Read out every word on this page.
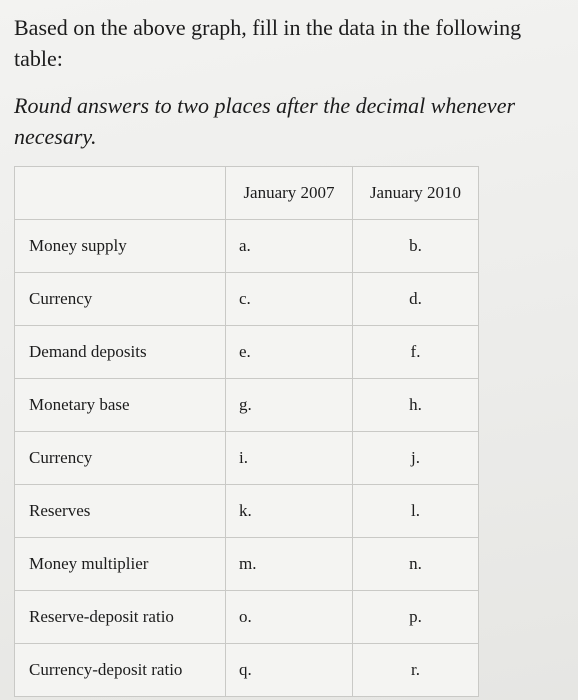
Based on the above graph, fill in the data in the following table:
Round answers to two places after the decimal whenever necesary.
	January 2007	January 2010
Money supply	a.	b.
Currency	c.	d.
Demand deposits	e.	f.
Monetary base	g.	h.
Currency	i.	j.
Reserves	k.	l.
Money multiplier	m.	n.
Reserve-deposit ratio	o.	p.
Currency-deposit ratio	q.	r.
